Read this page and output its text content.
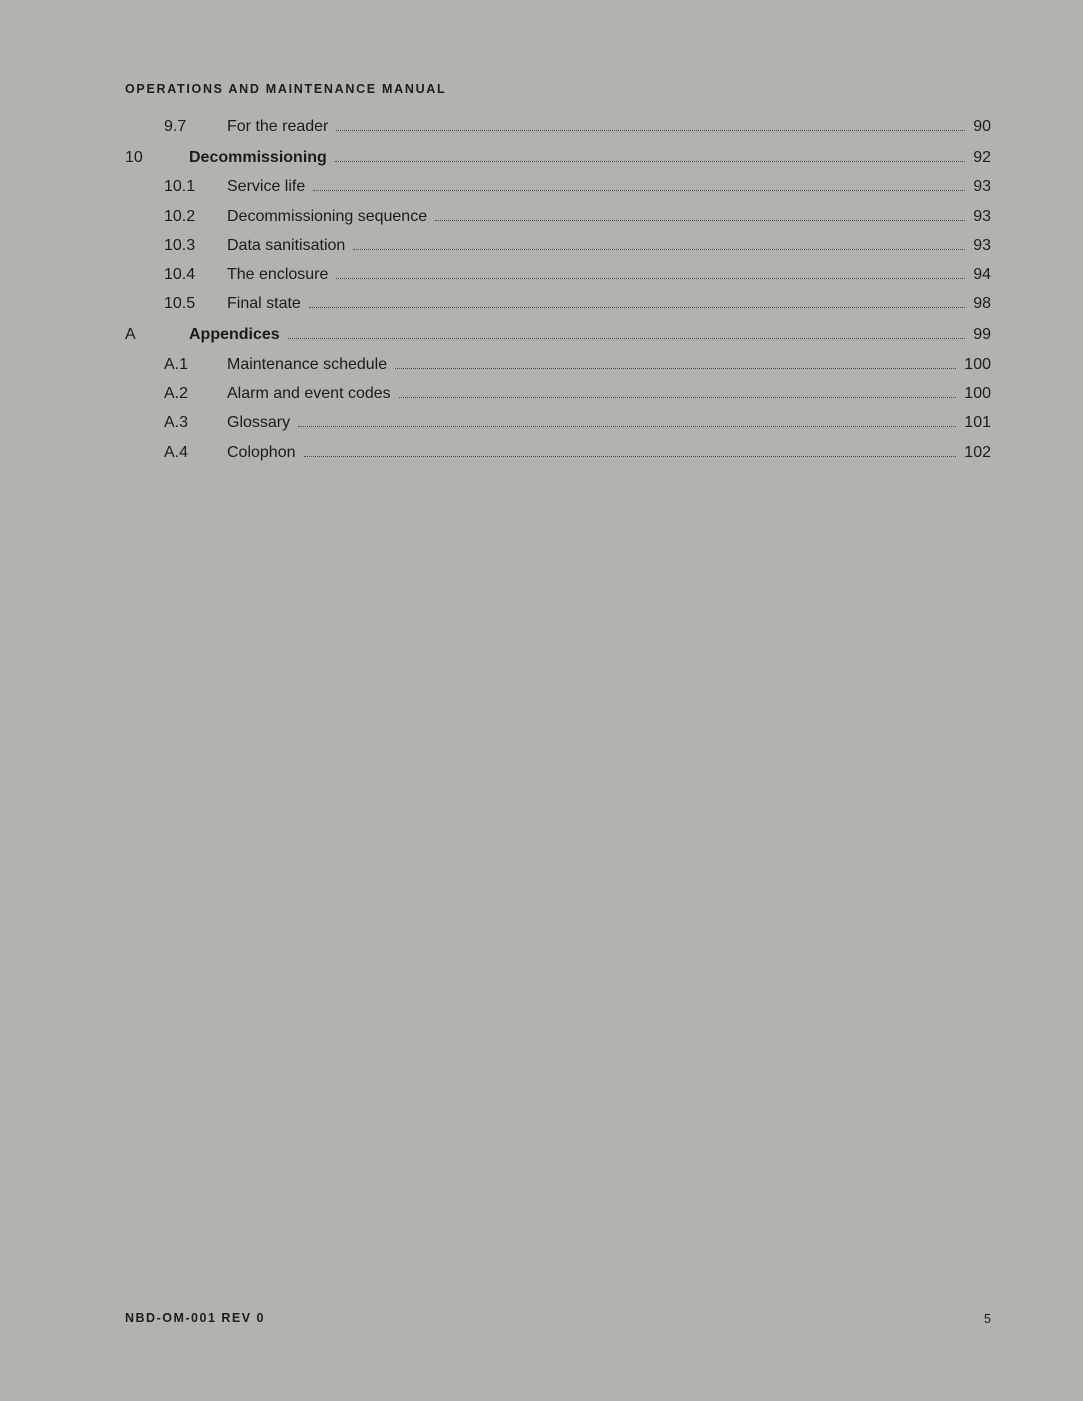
OPERATIONS AND MAINTENANCE MANUAL
9.7	For the reader	90
10	Decommissioning	92
10.1	Service life	93
10.2	Decommissioning sequence	93
10.3	Data sanitisation	93
10.4	The enclosure	94
10.5	Final state	98
A	Appendices	99
A.1	Maintenance schedule	100
A.2	Alarm and event codes	100
A.3	Glossary	101
A.4	Colophon	102
NBD-OM-001 REV 0	5
